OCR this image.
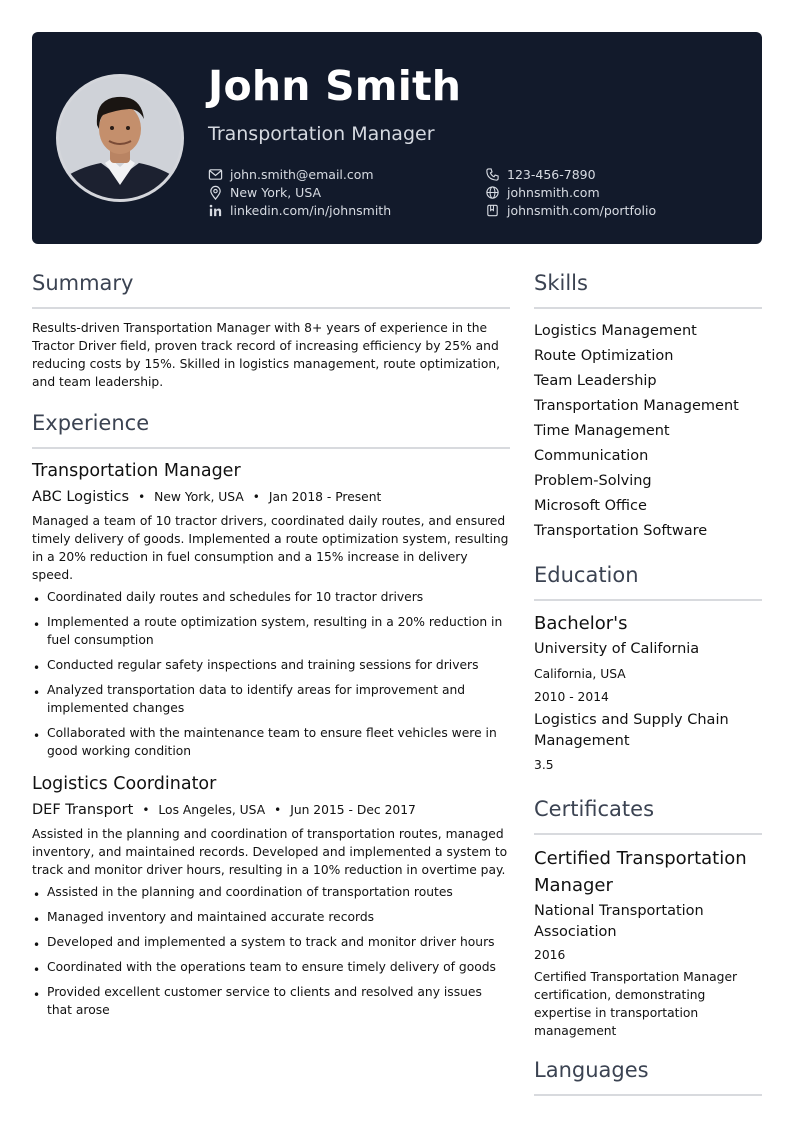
John Smith
Transportation Manager
john.smith@email.com
New York, USA
linkedin.com/in/johnsmith
123-456-7890
johnsmith.com
johnsmith.com/portfolio
Summary

Results-driven Transportation Manager with 8+ years of experience in the Tractor Driver field, proven track record of increasing efficiency by 25% and reducing costs by 15%. Skilled in logistics management, route optimization, and team leadership.

Experience
Transportation Manager
ABC Logistics • New York, USA • Jan 2018 - Present

Managed a team of 10 tractor drivers, coordinated daily routes, and ensured timely delivery of goods. Implemented a route optimization system, resulting in a 20% reduction in fuel consumption and a 15% increase in delivery speed.

• Coordinated daily routes and schedules for 10 tractor drivers
• Implemented a route optimization system, resulting in a 20% reduction in fuel consumption
• Conducted regular safety inspections and training sessions for drivers
• Analyzed transportation data to identify areas for improvement and implemented changes
• Collaborated with the maintenance team to ensure fleet vehicles were in good working condition
Logistics Coordinator
DEF Transport • Los Angeles, USA • Jun 2015 - Dec 2017

Assisted in the planning and coordination of transportation routes, managed inventory, and maintained records. Developed and implemented a system to track and monitor driver hours, resulting in a 10% reduction in overtime pay.

• Assisted in the planning and coordination of transportation routes
• Managed inventory and maintained accurate records
• Developed and implemented a system to track and monitor driver hours
• Coordinated with the operations team to ensure timely delivery of goods
• Provided excellent customer service to clients and resolved any issues that arose
Skills
Logistics Management
Route Optimization
Team Leadership
Transportation Management
Time Management
Communication
Problem-Solving
Microsoft Office
Transportation Software
Education
Bachelor's
University of California
California, USA
2010 - 2014
Logistics and Supply Chain Management
3.5
Certificates
Certified Transportation Manager
National Transportation Association
2016

Certified Transportation Manager certification, demonstrating expertise in transportation management

Languages
